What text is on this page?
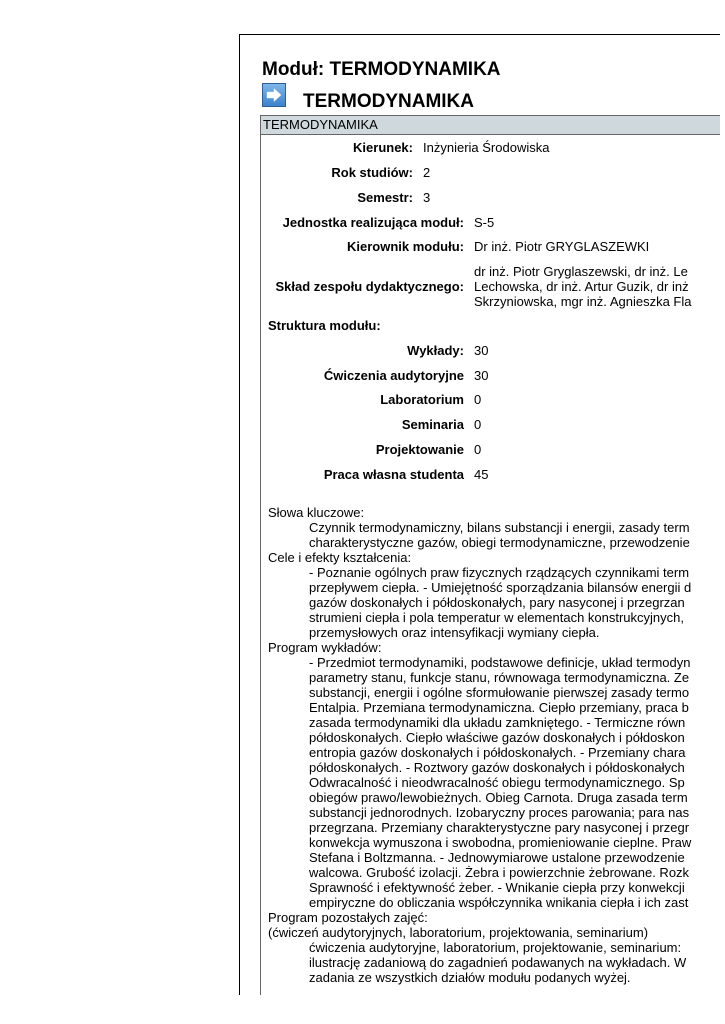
Moduł: TERMODYNAMIKA
TERMODYNAMIKA
TERMODYNAMIKA
Kierunek: Inżynieria Środowiska
Rok studiów: 2
Semestr: 3
Jednostka realizująca moduł: S-5
Kierownik modułu: Dr inż. Piotr GRYGLASZEWKI
Skład zespołu dydaktycznego:
dr inż. Piotr Gryglaszewski, dr inż. Le
Lechowska, dr inż. Artur Guzik, dr inż
Skrzyniowska, mgr inż. Agnieszka Fla
Struktura modułu:
Wykłady: 30
Ćwiczenia audytoryjne 30
Laboratorium 0
Seminaria 0
Projektowanie 0
Praca własna studenta 45
Słowa kluczowe:
Czynnik termodynamiczny, bilans substancji i energii, zasady term
charakterystyczne gazów, obiegi termodynamiczne, przewodzenie
Cele i efekty kształcenia:
- Poznanie ogólnych praw fizycznych rządzących czynnikami term
przepływem ciepła. - Umiejętność sporządzania bilansów energii d
gazów doskonałych i półdoskonałych, pary nasyconej i przegrzan
strumieni ciepła i pola temperatur w elementach konstrukcyjnych,
przemysłowych oraz intensyfikacji wymiany ciepła.
Program wykładów:
- Przedmiot termodynamiki, podstawowe definicje, układ termodyn
parametry stanu, funkcje stanu, równowaga termodynamiczna. Ze
substancji, energii i ogólne sformułowanie pierwszej zasady termo
Entalpia. Przemiana termodynamiczna. Ciepło przemiany, praca b
zasada termodynamiki dla układu zamkniętego. - Termiczne równ
półdoskonałych. Ciepło właściwe gazów doskonałych i półdoskon
entropia gazów doskonałych i półdoskonałych. - Przemiany chara
półdoskonałych. - Roztwory gazów doskonałych i półdoskonałych
Odwracalność i nieodwracalność obiegu termodynamicznego. Sp
obiegów prawo/lewobieżnych. Obieg Carnota. Druga zasada term
substancji jednorodnych. Izobaryczny proces parowania; para nas
przegrzana. Przemiany charakterystyczne pary nasyconej i przegr
konwekcja wymuszona i swobodna, promieniowanie cieplne. Praw
Stefana i Boltzmanna. - Jednowymiarowe ustalone przewodzenie
walcowa. Grubość izolacji. Żebra i powierzchnie żebrowane. Rozk
Sprawność i efektywność żeber. - Wnikanie ciepła przy konwekcji
empiryczne do obliczania współczynnika wnikania ciepła i ich zast
Program pozostałych zajęć:
(ćwiczeń audytoryjnych, laboratorium, projektowania, seminarium)
ćwiczenia audytoryjne, laboratorium, projektowanie, seminarium:
ilustrację zadaniową do zagadnień podawanych na wykładach. W
zadania ze wszystkich działów modułu podanych wyżej.
